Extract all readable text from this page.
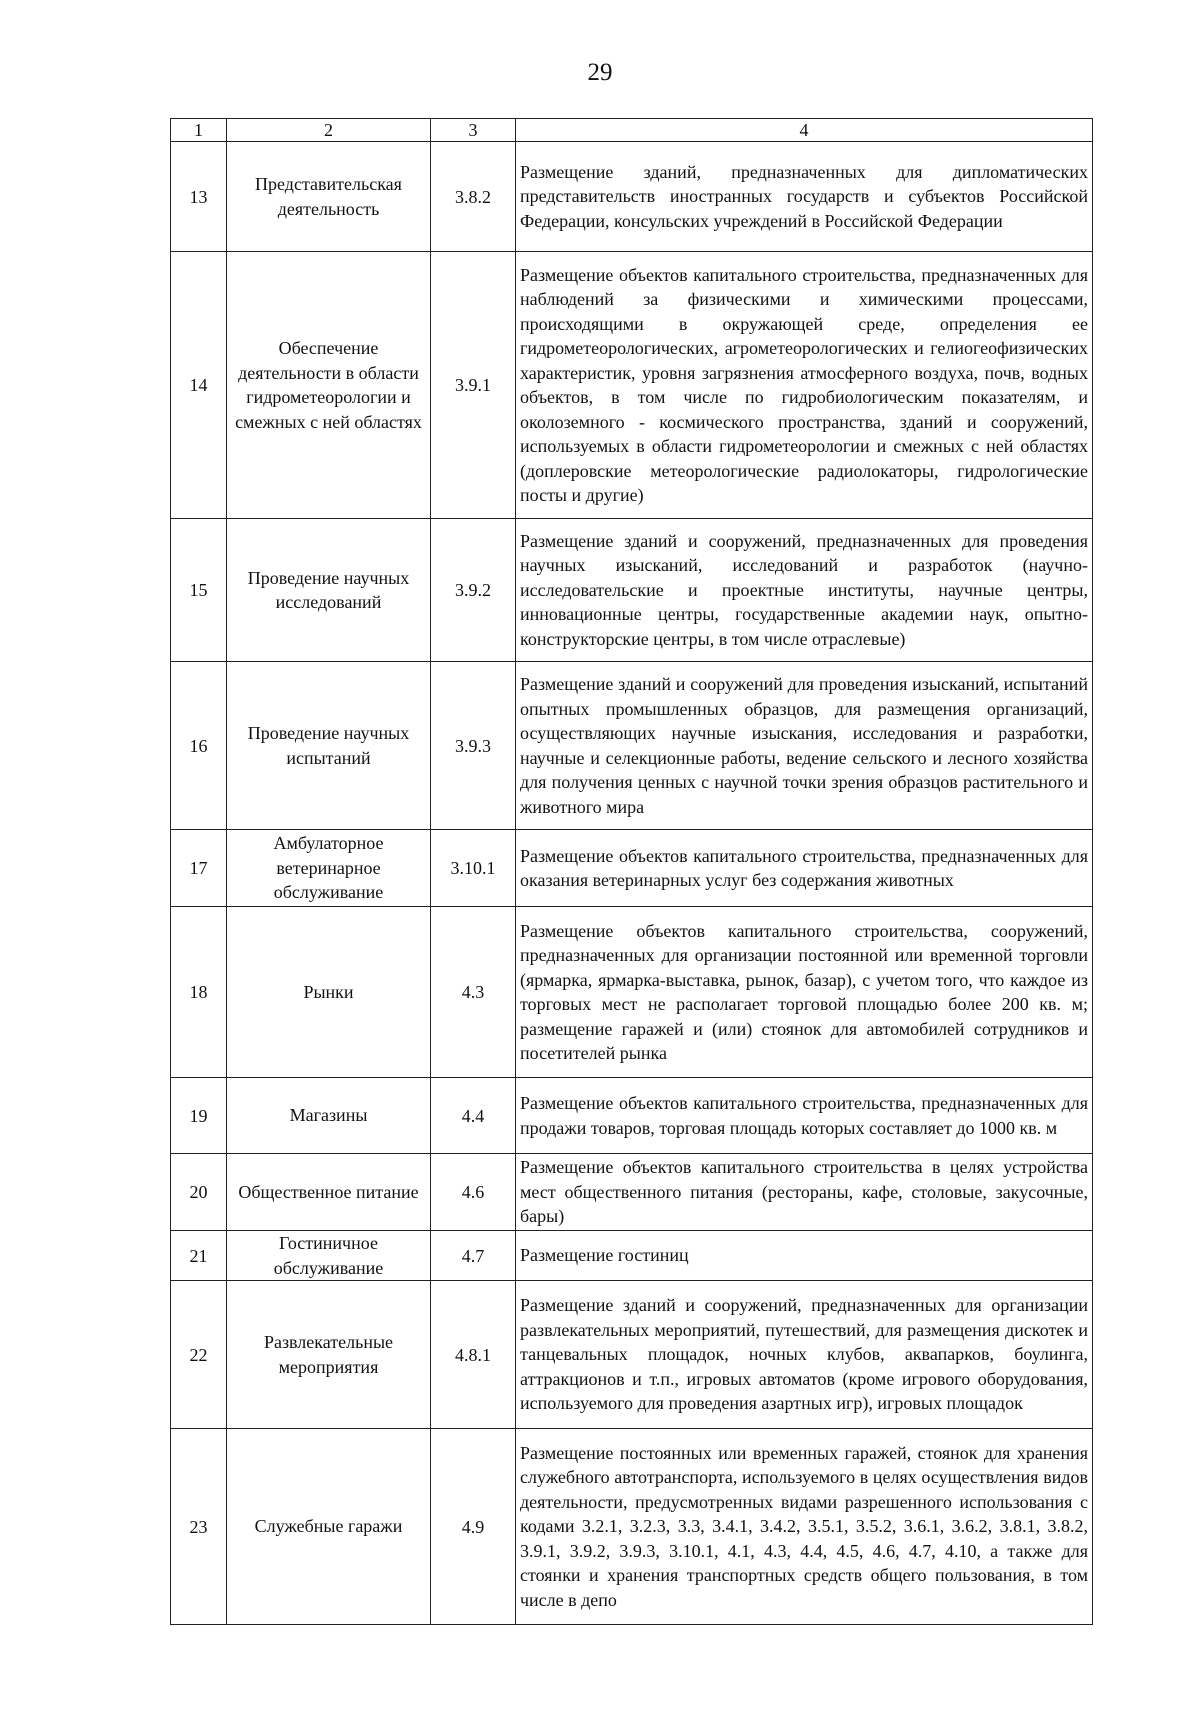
29
1	2	3	4
13	Представительская деятельность	3.8.2	Размещение зданий, предназначенных для дипломатических представительств иностранных государств и субъектов Российской Федерации, консульских учреждений в Российской Федерации
14	Обеспечение деятельности в области гидрометеорологии и смежных с ней областях	3.9.1	Размещение объектов капитального строительства, предназначенных для наблюдений за физическими и химическими процессами, происходящими в окружающей среде, определения ее гидрометеорологических, агрометеорологических и гелиогеофизических характеристик, уровня загрязнения атмосферного воздуха, почв, водных объектов, в том числе по гидробиологическим показателям, и околоземного - космического пространства, зданий и сооружений, используемых в области гидрометеорологии и смежных с ней областях (доплеровские метеорологические радиолокаторы, гидрологические посты и другие)
15	Проведение научных исследований	3.9.2	Размещение зданий и сооружений, предназначенных для проведения научных изысканий, исследований и разработок (научно-исследовательские и проектные институты, научные центры, инновационные центры, государственные академии наук, опытно-конструкторские центры, в том числе отраслевые)
16	Проведение научных испытаний	3.9.3	Размещение зданий и сооружений для проведения изысканий, испытаний опытных промышленных образцов, для размещения организаций, осуществляющих научные изыскания, исследования и разработки, научные и селекционные работы, ведение сельского и лесного хозяйства для получения ценных с научной точки зрения образцов растительного и животного мира
17	Амбулаторное ветеринарное обслуживание	3.10.1	Размещение объектов капитального строительства, предназначенных для оказания ветеринарных услуг без содержания животных
18	Рынки	4.3	Размещение объектов капитального строительства, сооружений, предназначенных для организации постоянной или временной торговли (ярмарка, ярмарка-выставка, рынок, базар), с учетом того, что каждое из торговых мест не располагает торговой площадью более 200 кв. м; размещение гаражей и (или) стоянок для автомобилей сотрудников и посетителей рынка
19	Магазины	4.4	Размещение объектов капитального строительства, предназначенных для продажи товаров, торговая площадь которых составляет до 1000 кв. м
20	Общественное питание	4.6	Размещение объектов капитального строительства в целях устройства мест общественного питания (рестораны, кафе, столовые, закусочные, бары)
21	Гостиничное обслуживание	4.7	Размещение гостиниц
22	Развлекательные мероприятия	4.8.1	Размещение зданий и сооружений, предназначенных для организации развлекательных мероприятий, путешествий, для размещения дискотек и танцевальных площадок, ночных клубов, аквапарков, боулинга, аттракционов и т.п., игровых автоматов (кроме игрового оборудования, используемого для проведения азартных игр), игровых площадок
23	Служебные гаражи	4.9	Размещение постоянных или временных гаражей, стоянок для хранения служебного автотранспорта, используемого в целях осуществления видов деятельности, предусмотренных видами разрешенного использования с кодами 3.2.1, 3.2.3, 3.3, 3.4.1, 3.4.2, 3.5.1, 3.5.2, 3.6.1, 3.6.2, 3.8.1, 3.8.2, 3.9.1, 3.9.2, 3.9.3, 3.10.1, 4.1, 4.3, 4.4, 4.5, 4.6, 4.7, 4.10, а также для стоянки и хранения транспортных средств общего пользования, в том числе в депо
